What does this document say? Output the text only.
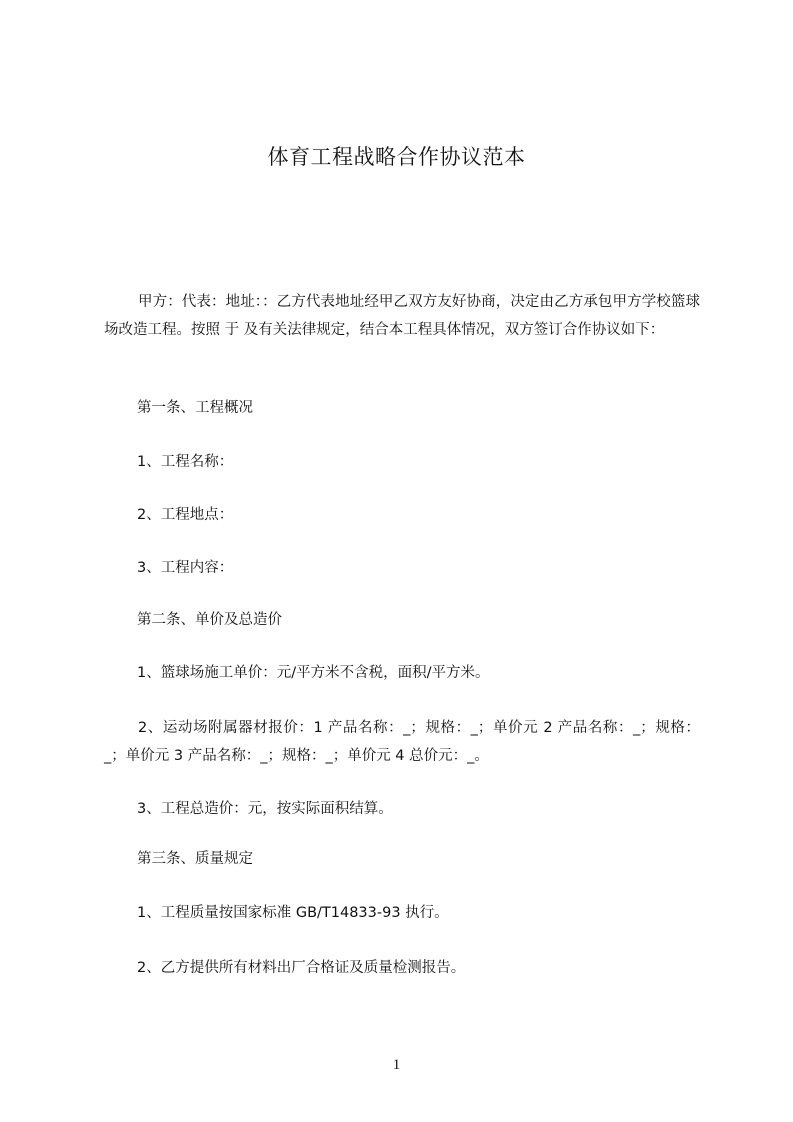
体育工程战略合作协议范本
甲方：代表：地址：：乙方代表地址经甲乙双方友好协商，决定由乙方承包甲方学校篮球场改造工程。按照 于 及有关法律规定，结合本工程具体情况，双方签订合作协议如下：
第一条、工程概况
1、工程名称：
2、工程地点：
3、工程内容：
第二条、单价及总造价
1、篮球场施工单价：元/平方米不含税，面积/平方米。
2、运动场附属器材报价：1 产品名称：_；规格：_；单价元 2 产品名称：_；规格：_；单价元 3 产品名称：_；规格：_；单价元 4 总价元：_。
3、工程总造价：元，按实际面积结算。
第三条、质量规定
1、工程质量按国家标准 GB/T14833-93 执行。
2、乙方提供所有材料出厂合格证及质量检测报告。
1
